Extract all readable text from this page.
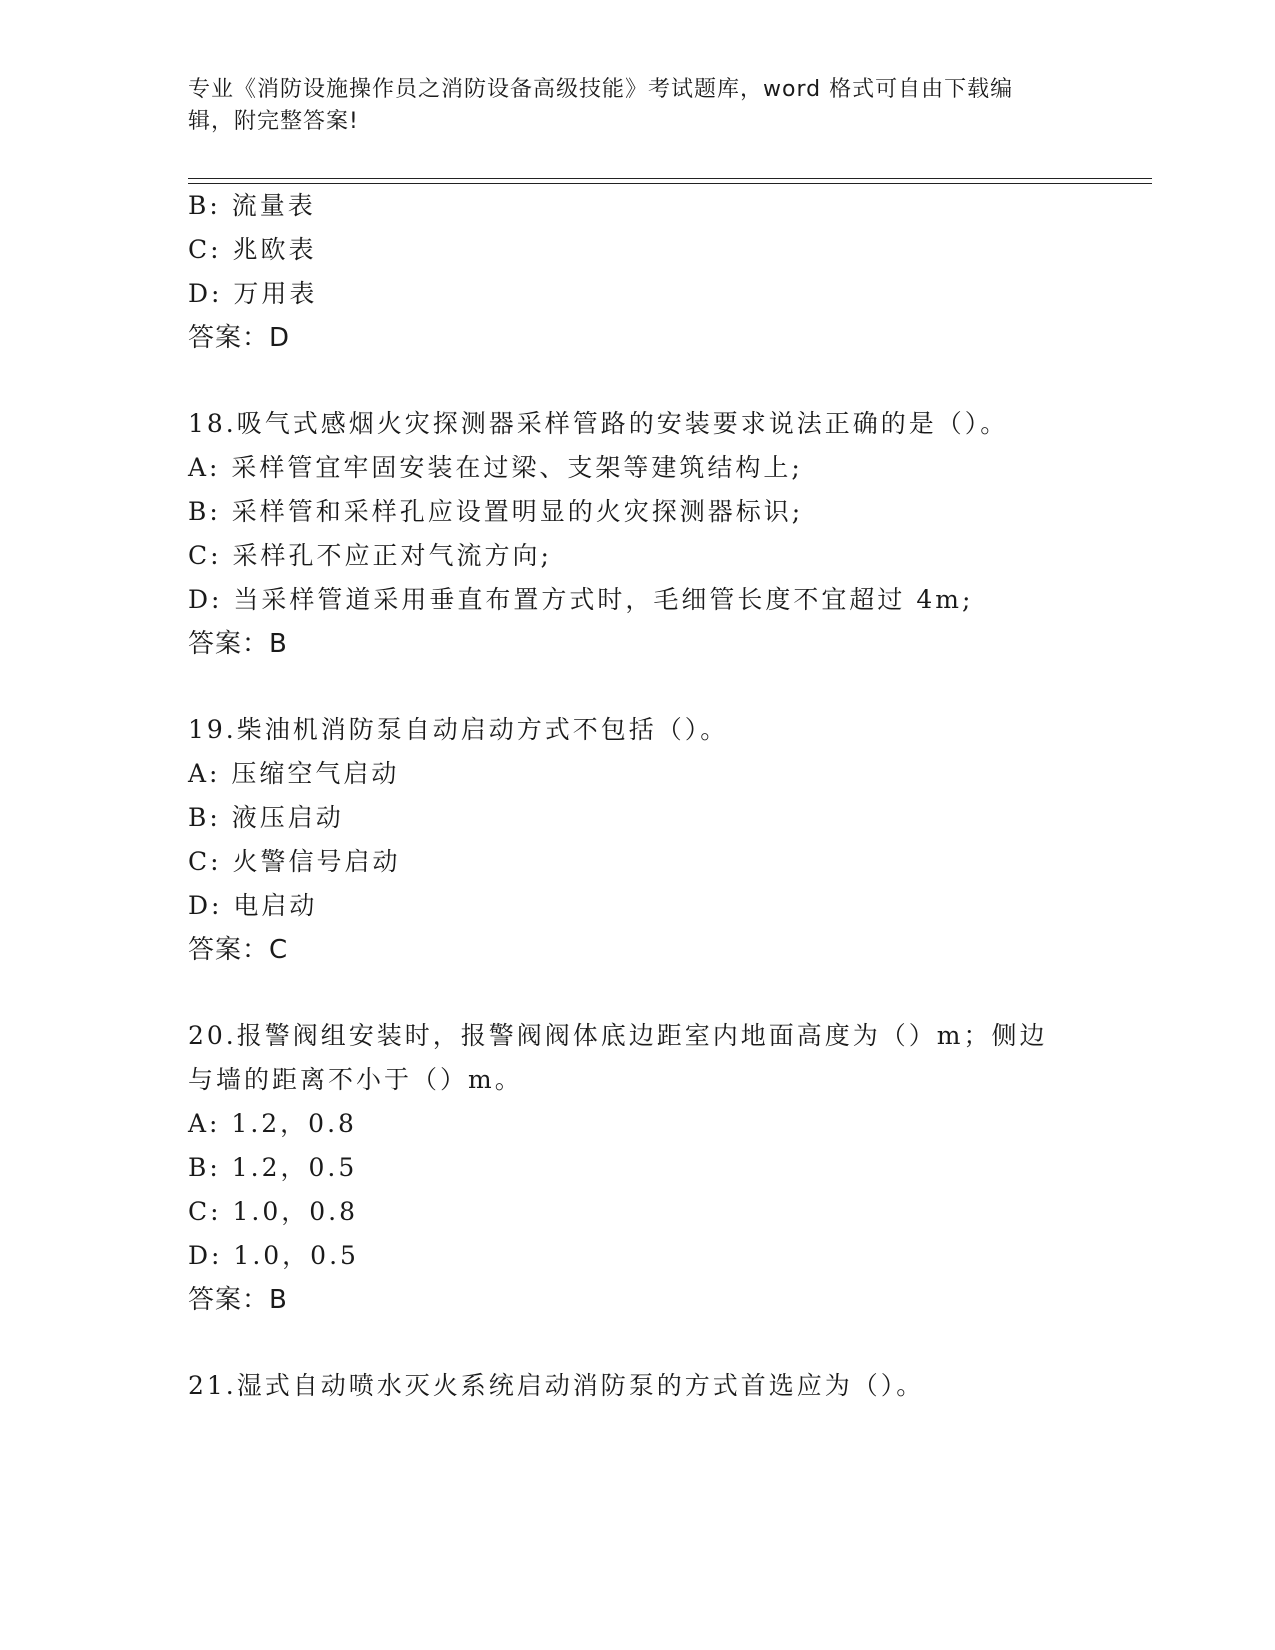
专业《消防设施操作员之消防设备高级技能》考试题库，word 格式可自由下载编
辑，附完整答案!
B: 流量表
C: 兆欧表
D: 万用表
答案：D
18.吸气式感烟火灾探测器采样管路的安装要求说法正确的是（）。
A: 采样管宜牢固安装在过梁、支架等建筑结构上;
B: 采样管和采样孔应设置明显的火灾探测器标识;
C: 采样孔不应正对气流方向;
D: 当采样管道采用垂直布置方式时，毛细管长度不宜超过 4m;
答案：B
19.柴油机消防泵自动启动方式不包括（）。
A: 压缩空气启动
B: 液压启动
C: 火警信号启动
D: 电启动
答案：C
20.报警阀组安装时，报警阀阀体底边距室内地面高度为（）m；侧边
与墙的距离不小于（）m。
A: 1.2，0.8
B: 1.2，0.5
C: 1.0，0.8
D: 1.0，0.5
答案：B
21.湿式自动喷水灭火系统启动消防泵的方式首选应为（）。
